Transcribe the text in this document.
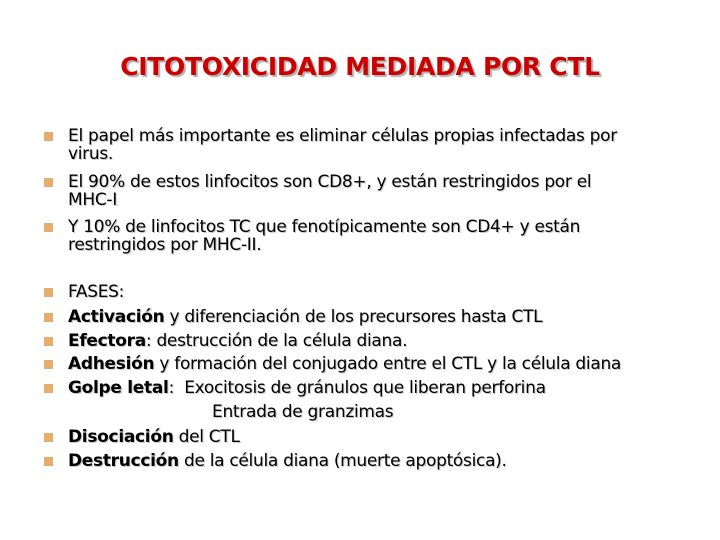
CITOTOXICIDAD MEDIADA POR CTL
El papel más importante es eliminar células propias infectadas por
virus.
El 90% de estos linfocitos son CD8+, y están restringidos por el
MHC-I
Y 10% de linfocitos TC que fenotípicamente son CD4+ y están
restringidos por MHC-II.
FASES:
Activación y diferenciación de los precursores hasta CTL
Efectora: destrucción de la célula diana.
Adhesión y formación del conjugado entre el CTL y la célula diana
Golpe letal:  Exocitosis de gránulos que liberan perforina
Entrada de granzimas
Disociación del CTL
Destrucción de la célula diana (muerte apoptósica).
